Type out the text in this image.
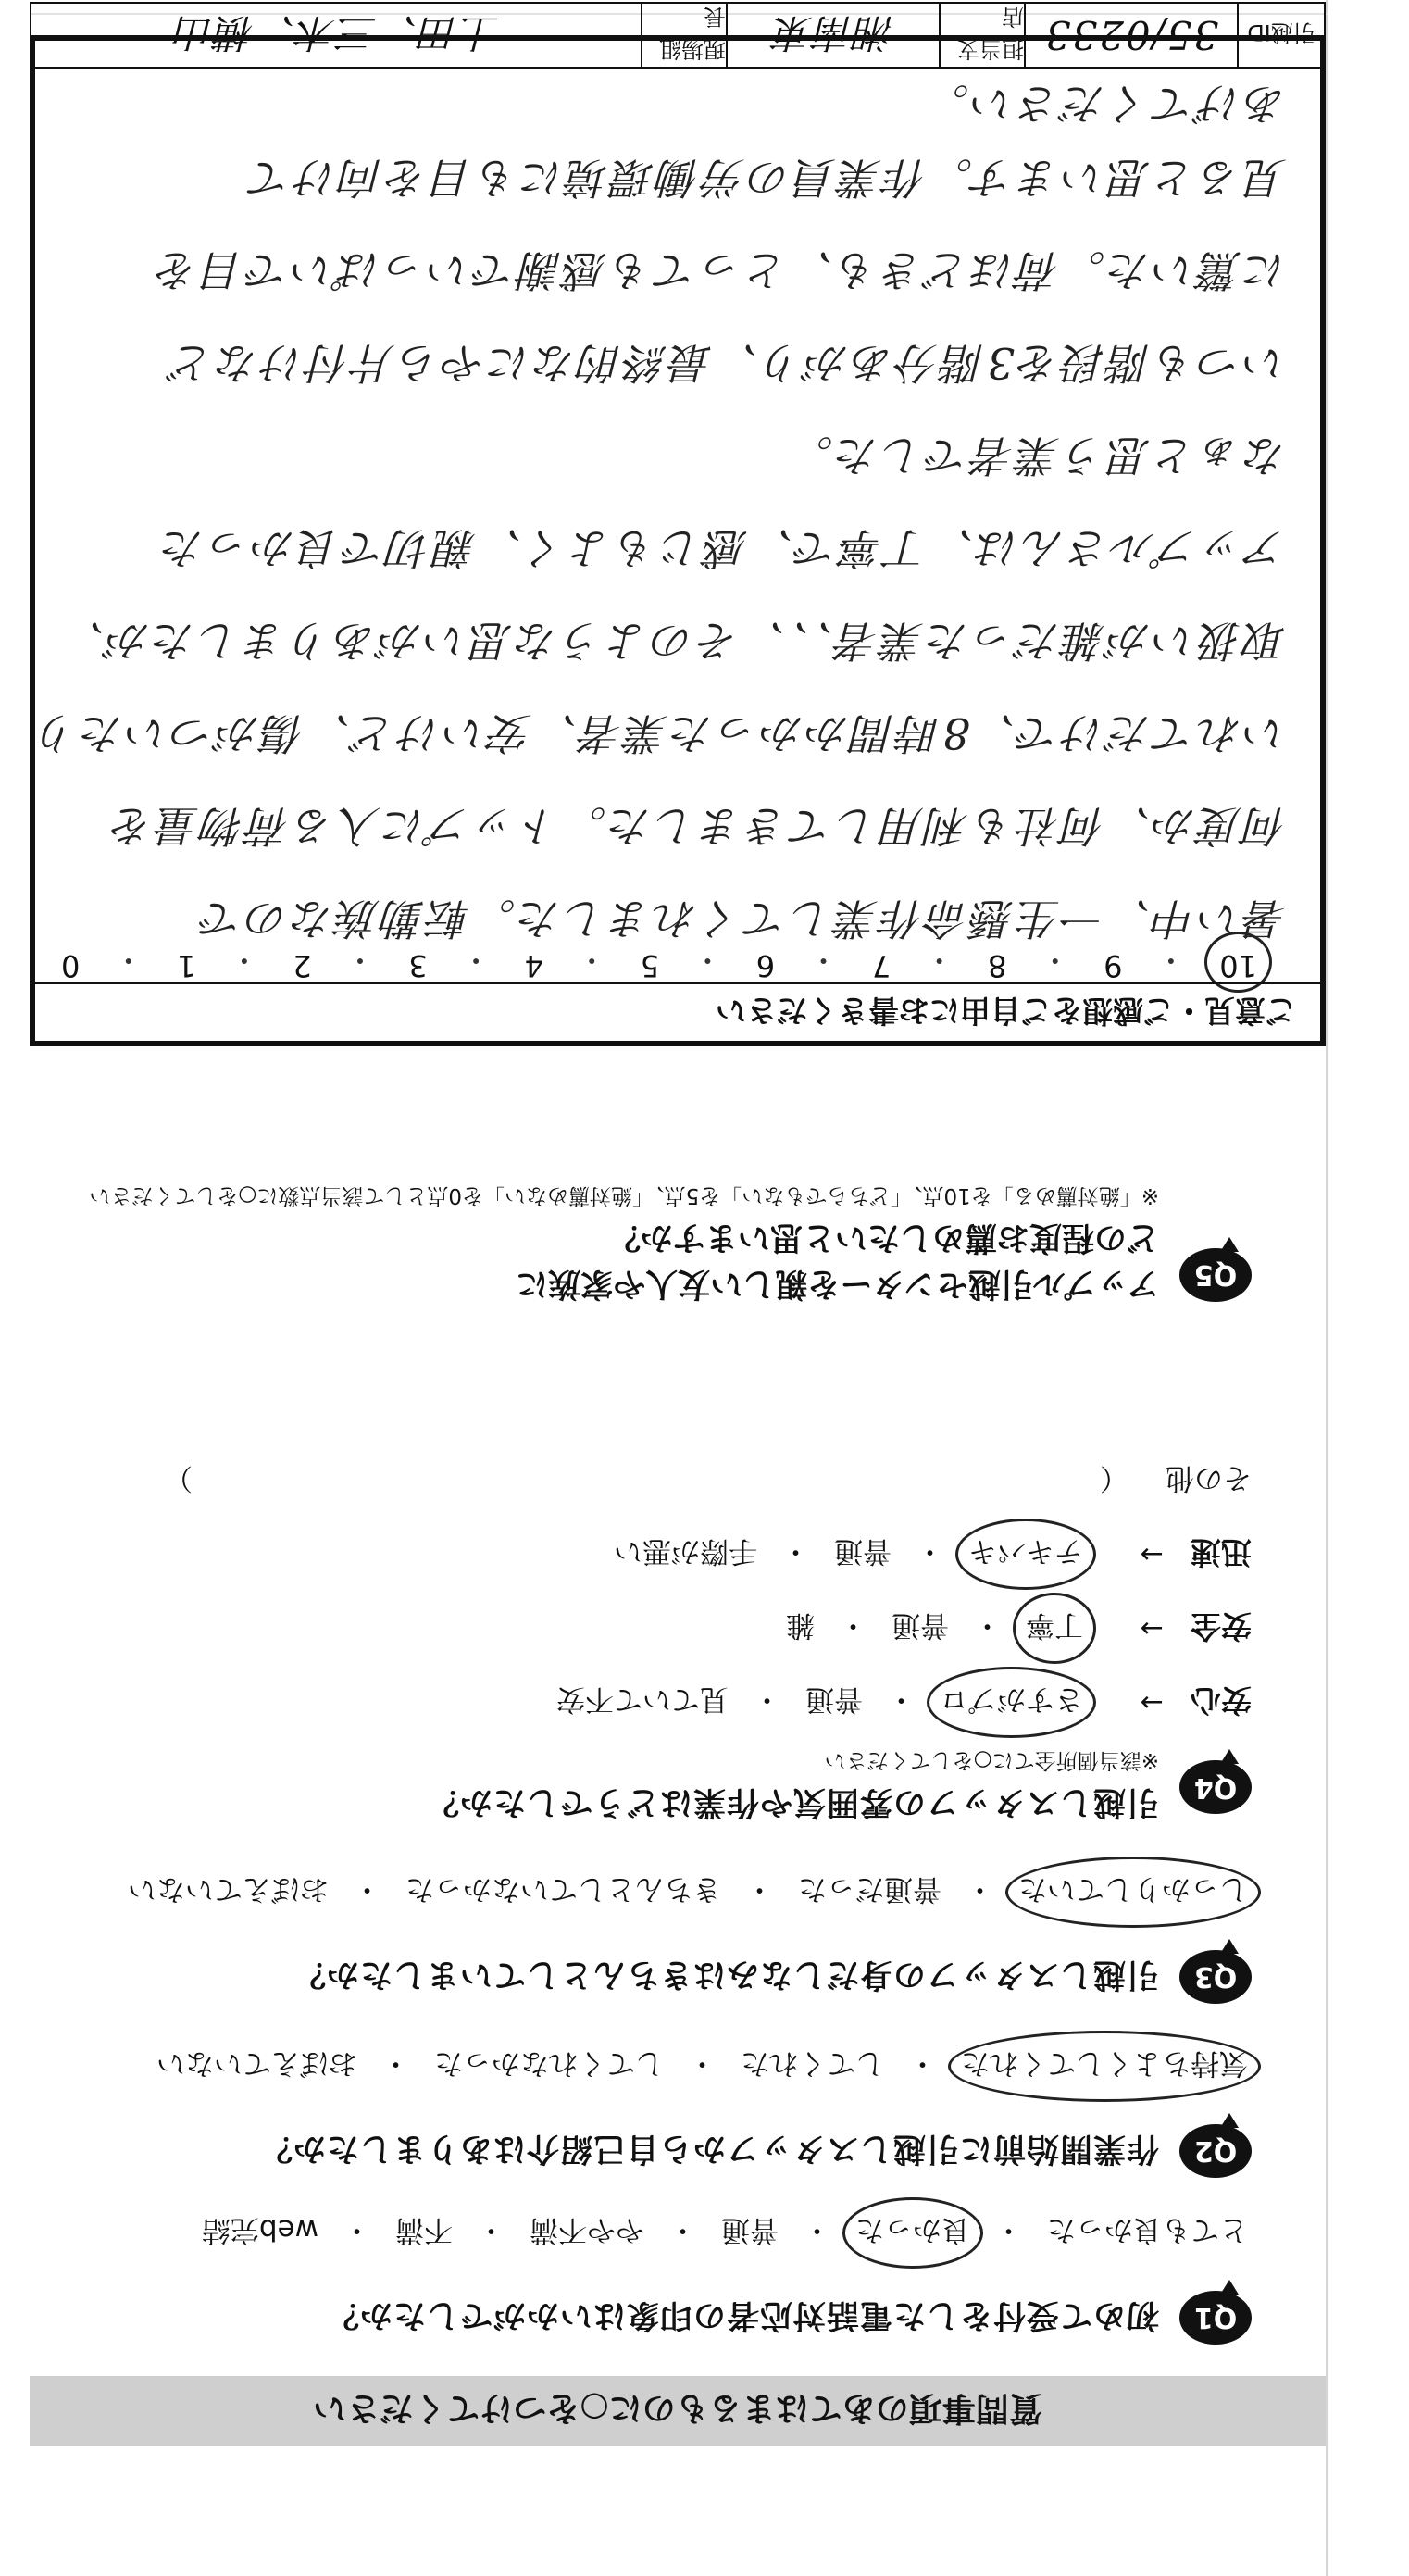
質問事項のあてはまるものに○をつけてください
Q1
初めて受付をした電話対応者の印象はいかがでしたか？
とても良かった
・
良かった
・
普通
・
やや不満
・
不満
・
web完結
Q2
作業開始前に引越しスタッフから自己紹介はありましたか？
気持ちよくしてくれた
・
してくれた
・
してくれなかった
・
おぼえていない
Q3
引越しスタッフの身だしなみはきちんとしていましたか？
しっかりしていた
・
普通だった
・
きちんとしていなかった
・
おぼえていない
Q4
引越しスタッフの雰囲気や作業はどうでしたか？
※該当個所全てに○をしてください
安心
→
さすがプロ
・
普通
・
見ていて不安
安全
→
丁寧
・
普通
・
雑
迅速
→
テキパキ
・
普通
・
手際が悪い
その他
（
）
Q5
アップル引越センターを親しい友人や家族に
どの程度お薦めしたいと思いますか？
※「絶対薦める」を10点、「どちらでもない」を5点、「絶対薦めない」を0点として該当点数に○をしてください
10
・
9
・
8
・
7
・
6
・
5
・
4
・
3
・
2
・
1
・
0
ご意見・ご感想をご自由にお書きください
暑い中、一生懸命作業してくれました。転勤族なので
何度か、何社も利用してきました。トップに入る荷物量を
いれてだけで、8時間かかった業者、安いけど、傷がついたり
取扱いが雑だった業者、、、そのような思いがありましたが、
アップルさんは、丁寧で、感じもよく、親切で良かった
なぁと思う業者でした。
いつも階段を3階分あがり、最終的なにやら片付けなど
に驚いた。荷ほどきも、とっても感謝でいっぱいで目を
見ると思います。作業員の労働環境にも目を向けて
あげてください。
引越ID
35/0233
担当支店
湘南東
現場組長
上田、三木、横山
